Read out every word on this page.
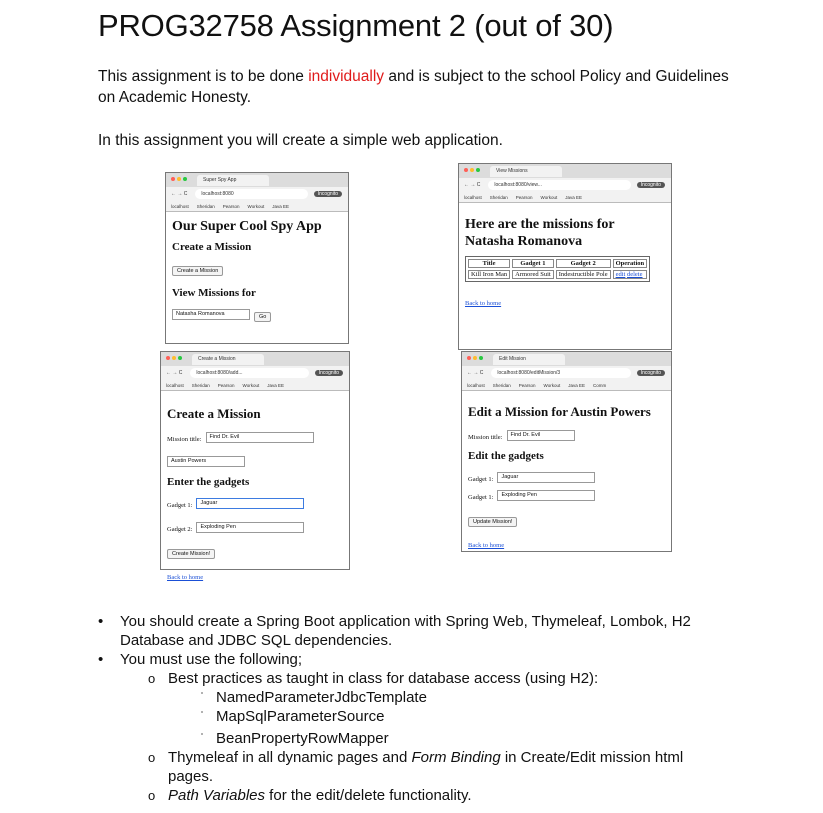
PROG32758 Assignment 2 (out of 30)
This assignment is to be done individually and is subject to the school Policy and Guidelines on Academic Honesty.
In this assignment you will create a simple web application.
Super Spy App
← → C	localhost:8080	Incognito
localhost Sheridan Pearson Workout Java EE
Our Super Cool Spy App
Create a Mission
Create a Mission
View Missions for
Natasha Romanova Go
View Missions
← → C	localhost:8080/view...	Incognito
localhost Sheridan Pearson Workout Java EE
Here are the missions for Natasha Romanova
Title	Gadget 1	Gadget 2	Operation
Kill Iron Man	Armored Suit	Indestructible Pole	edit delete
Back to home
Create a Mission
← → C	localhost:8080/add...	Incognito
localhost Sheridan Pearson Workout Java EE
Create a Mission
Mission title: Find Dr. Evil
Austin Powers
Enter the gadgets
Gadget 1: Jaguar
Gadget 2: Exploding Pen
Create Mission!
Back to home
Edit Mission
← → C	localhost:8080/editMission/3	Incognito
localhost Sheridan Pearson Workout Java EE Comm
Edit a Mission for Austin Powers
Mission title: Find Dr. Evil
Edit the gadgets
Gadget 1: Jaguar
Gadget 1: Exploding Pen
Update Mission!
Back to home
• You should create a Spring Boot application with Spring Web, Thymeleaf, Lombok, H2 Database and JDBC SQL dependencies.
• You must use the following;
o Best practices as taught in class for database access (using H2):
ˈ NamedParameterJdbcTemplate
ˈ MapSqlParameterSource
ˈ BeanPropertyRowMapper
o Thymeleaf in all dynamic pages and Form Binding in Create/Edit mission html pages.
o Path Variables for the edit/delete functionality.
